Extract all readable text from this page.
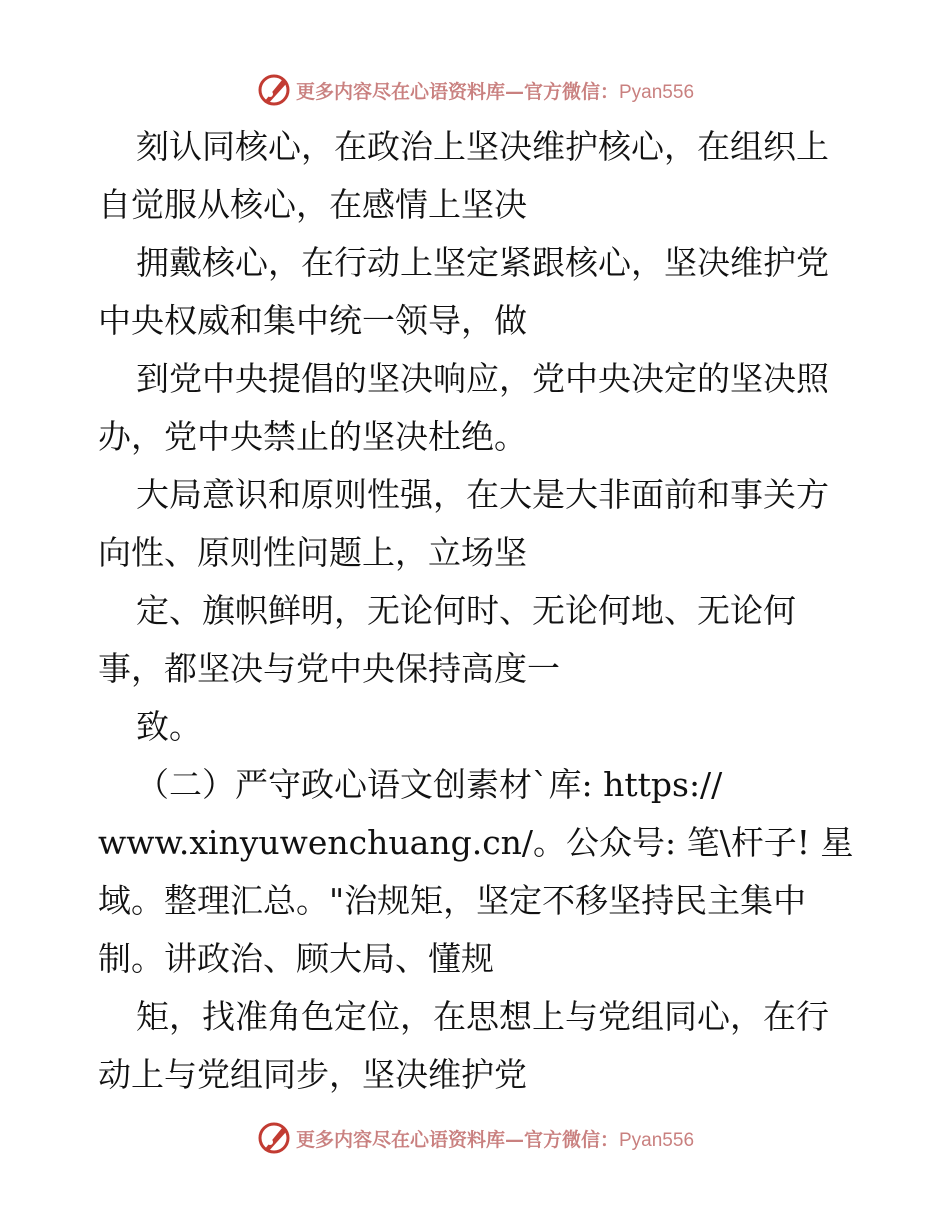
更多内容尽在心语资料库—官方微信：Pyan556
刻认同核心，在政治上坚决维护核心，在组织上
自觉服从核心，在感情上坚决
拥戴核心，在行动上坚定紧跟核心，坚决维护党
中央权威和集中统一领导，做
到党中央提倡的坚决响应，党中央决定的坚决照
办，党中央禁止的坚决杜绝。
大局意识和原则性强，在大是大非面前和事关方
向性、原则性问题上，立场坚
定、旗帜鲜明，无论何时、无论何地、无论何
事，都坚决与党中央保持高度一
致。
（二）严守政心语文创素材`库: https://
www.xinyuwenchuang.cn/。公众号: 笔\杆子! 星
域。整理汇总。"治规矩，坚定不移坚持民主集中
制。讲政治、顾大局、懂规
矩，找准角色定位，在思想上与党组同心，在行
动上与党组同步，坚决维护党
更多内容尽在心语资料库—官方微信：Pyan556
